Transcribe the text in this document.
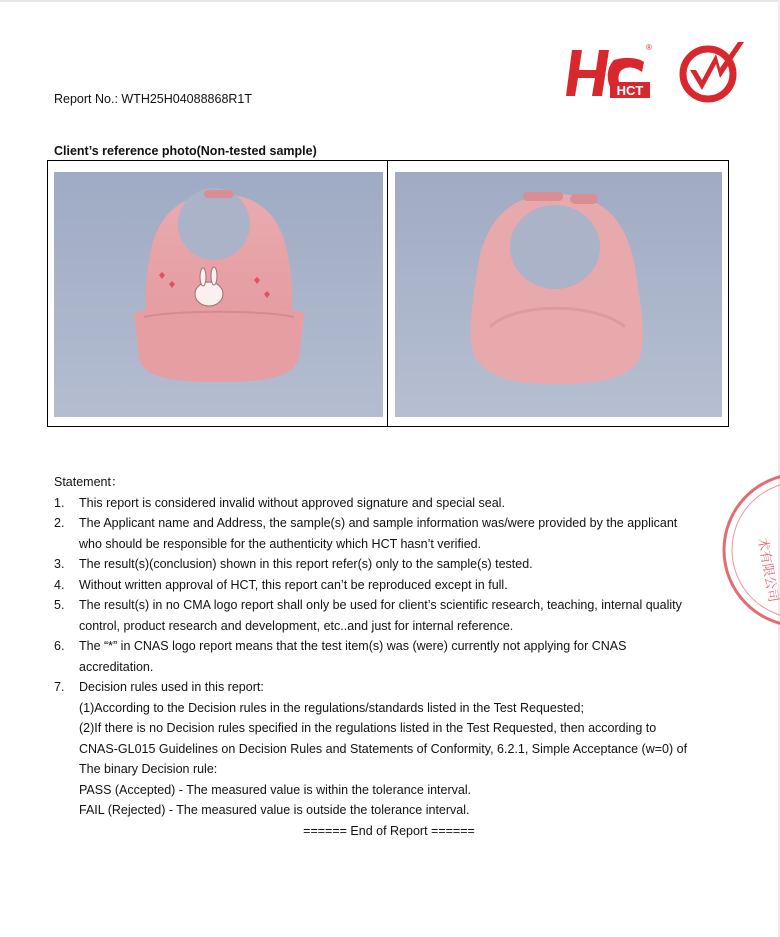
HCT
®
Report No.: WTH25H04088868R1T
Client’s reference photo(Non-tested sample)
Statement：
1. This report is considered invalid without approved signature and special seal.
2. The Applicant name and Address, the sample(s) and sample information was/were provided by the applicant
who should be responsible for the authenticity which HCT hasn’t verified.
3. The result(s)(conclusion) shown in this report refer(s) only to the sample(s) tested.
4. Without written approval of HCT, this report can’t be reproduced except in full.
5. The result(s) in no CMA logo report shall only be used for client’s scientific research, teaching, internal quality
control, product research and development, etc..and just for internal reference.
6. The “*” in CNAS logo report means that the test item(s) was (were) currently not applying for CNAS
accreditation.
7. Decision rules used in this report:
(1)According to the Decision rules in the regulations/standards listed in the Test Requested;
(2)If there is no Decision rules specified in the regulations listed in the Test Requested, then according to
CNAS-GL015 Guidelines on Decision Rules and Statements of Conformity, 6.2.1, Simple Acceptance (w=0) of
The binary Decision rule:
PASS (Accepted) - The measured value is within the tolerance interval.
FAIL (Rejected) - The measured value is outside the tolerance interval.
====== End of Report ======
术有限公司
